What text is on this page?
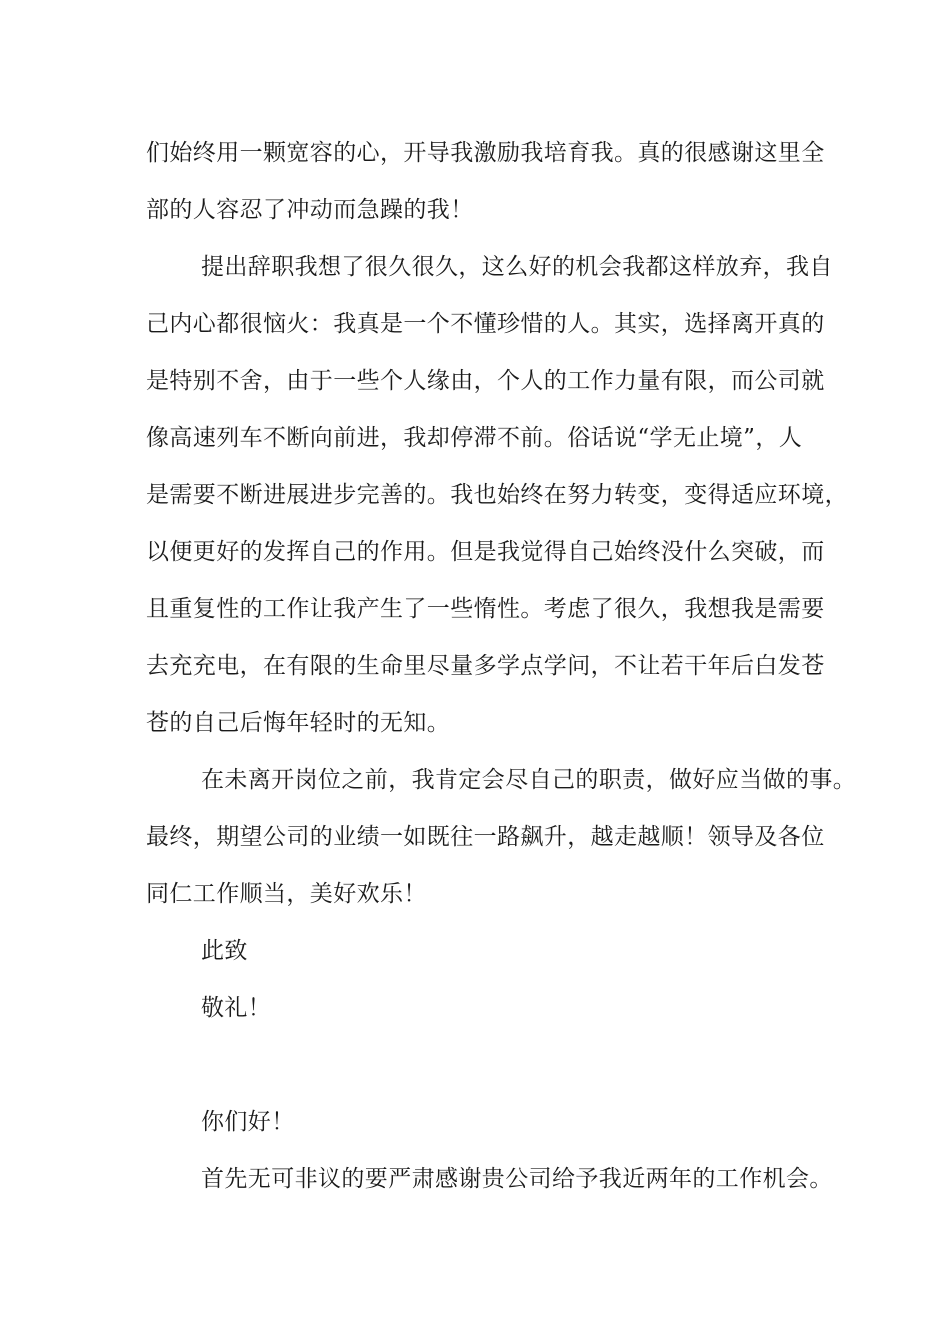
们始终用一颗宽容的心，开导我激励我培育我。真的很感谢这里全
部的人容忍了冲动而急躁的我！
提出辞职我想了很久很久，这么好的机会我都这样放弃，我自
己内心都很恼火：我真是一个不懂珍惜的人。其实，选择离开真的
是特别不舍，由于一些个人缘由，个人的工作力量有限，而公司就
像高速列车不断向前进，我却停滞不前。俗话说“学无止境”，人
是需要不断进展进步完善的。我也始终在努力转变，变得适应环境，
以便更好的发挥自己的作用。但是我觉得自己始终没什么突破，而
且重复性的工作让我产生了一些惰性。考虑了很久，我想我是需要
去充充电，在有限的生命里尽量多学点学问，不让若干年后白发苍
苍的自己后悔年轻时的无知。
在未离开岗位之前，我肯定会尽自己的职责，做好应当做的事。
最终，期望公司的业绩一如既往一路飙升，越走越顺！领导及各位
同仁工作顺当，美好欢乐！
此致
敬礼！
你们好！
首先无可非议的要严肃感谢贵公司给予我近两年的工作机会。
